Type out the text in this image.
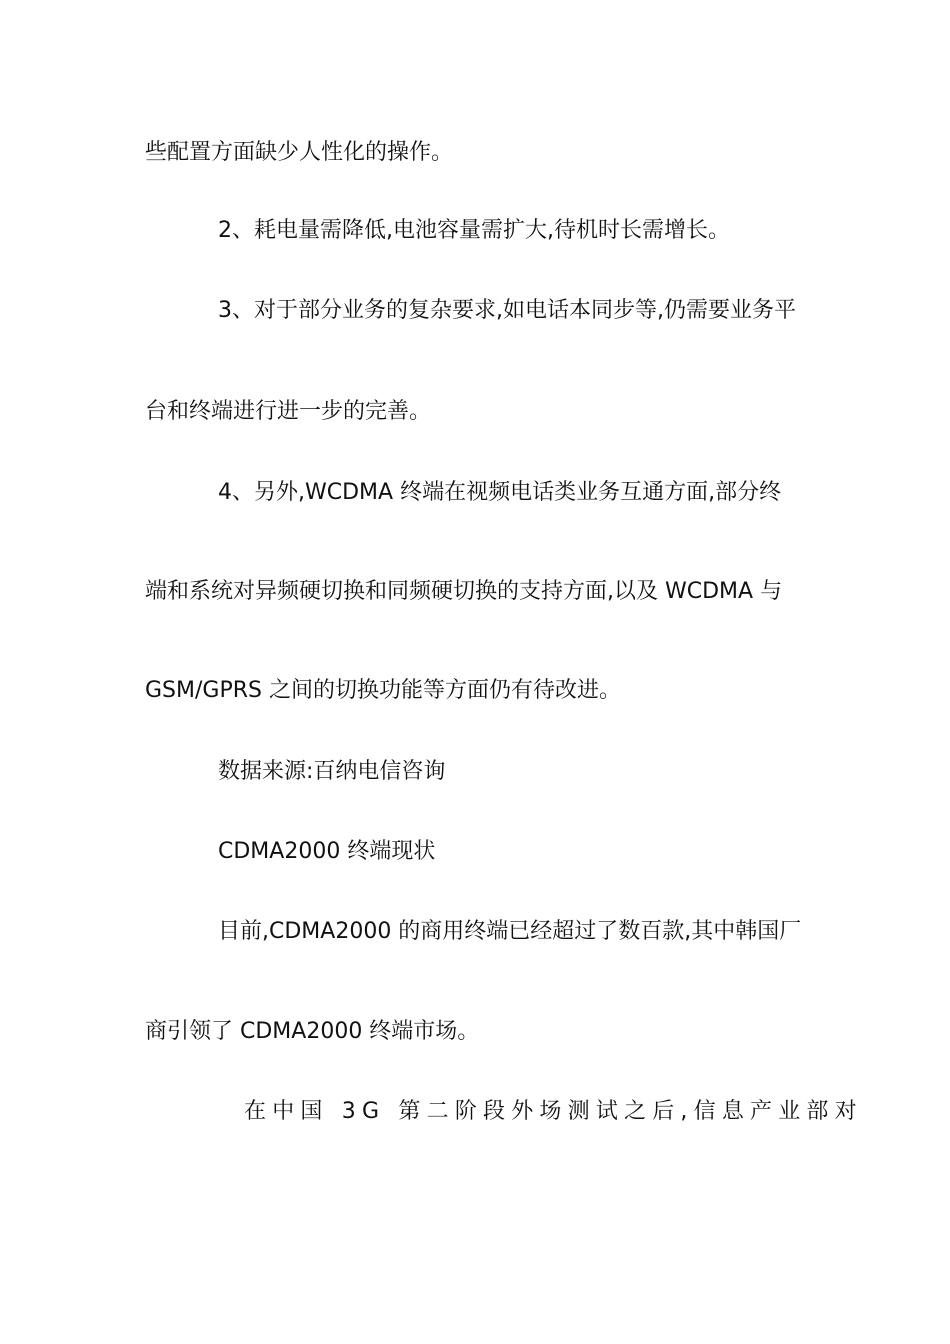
些配置方面缺少人性化的操作。

2、耗电量需降低,电池容量需扩大,待机时长需增长。

3、对于部分业务的复杂要求,如电话本同步等,仍需要业务平

台和终端进行进一步的完善。

4、另外,WCDMA 终端在视频电话类业务互通方面,部分终

端和系统对异频硬切换和同频硬切换的支持方面,以及 WCDMA 与

GSM/GPRS 之间的切换功能等方面仍有待改进。

数据来源:百纳电信咨询

CDMA2000 终端现状

目前,CDMA2000 的商用终端已经超过了数百款,其中韩国厂

商引领了 CDMA2000 终端市场。

在中国 3G 第二阶段外场测试之后,信息产业部对
